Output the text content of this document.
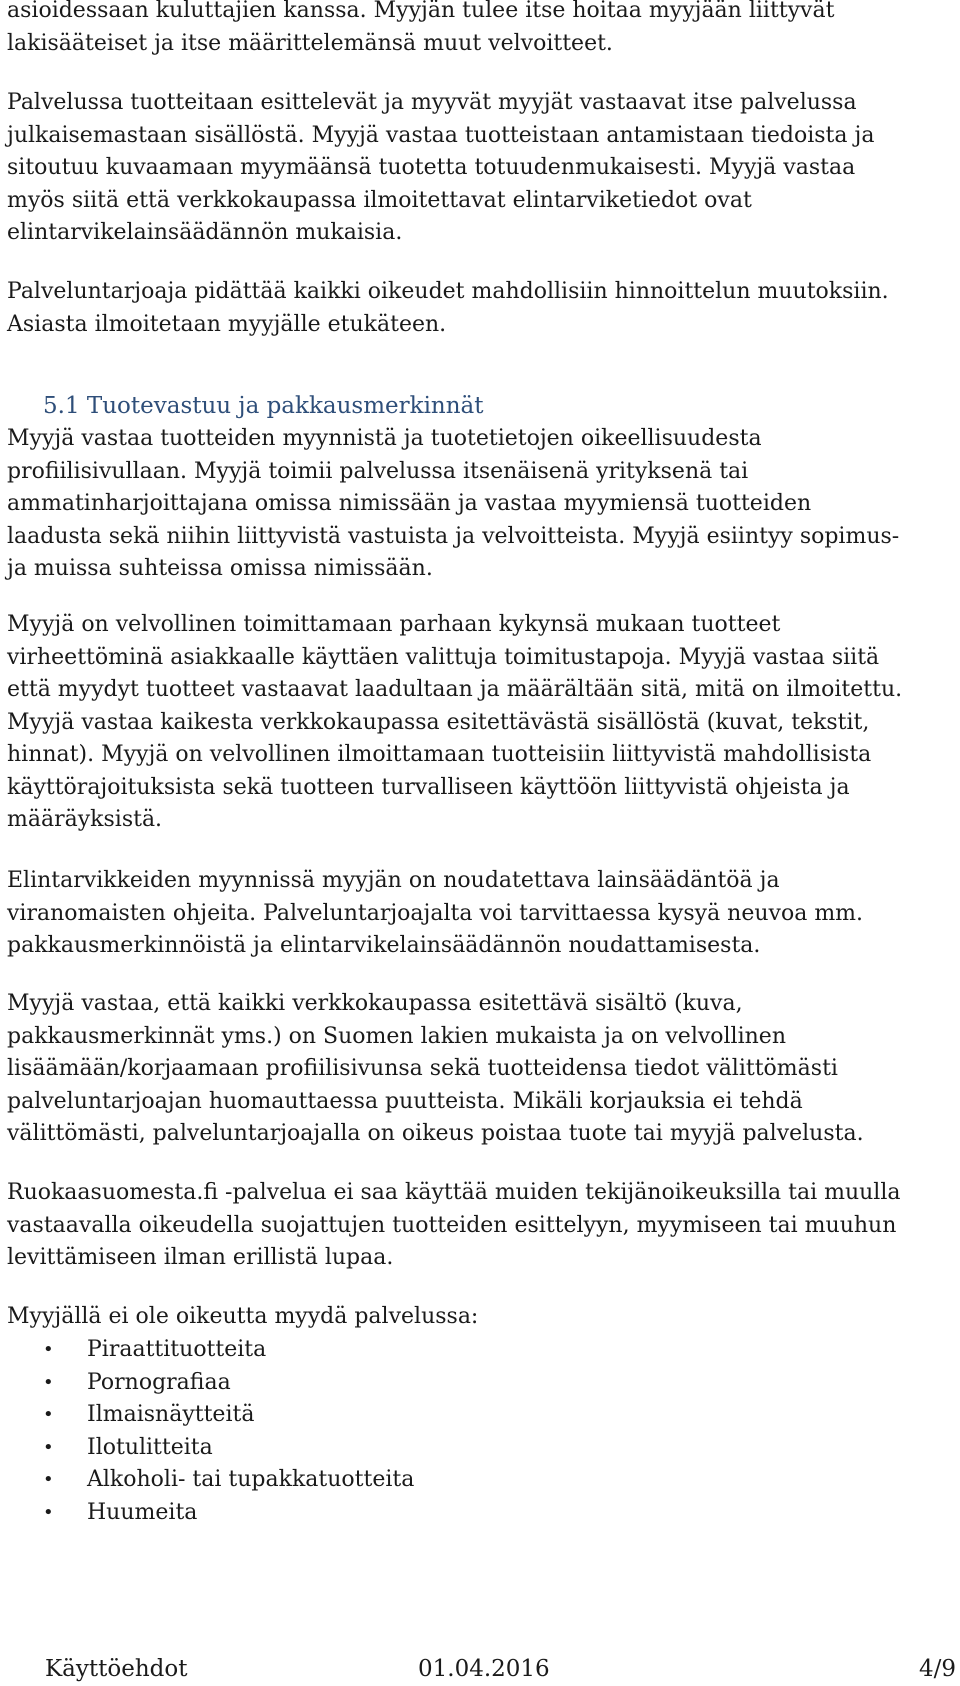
asioidessaan kuluttajien kanssa. Myyjän tulee itse hoitaa myyjään liittyvät
lakisääteiset ja itse määrittelemänsä muut velvoitteet.

Palvelussa tuotteitaan esittelevät ja myyvät myyjät vastaavat itse palvelussa
julkaisemastaan sisällöstä. Myyjä vastaa tuotteistaan antamistaan tiedoista ja
sitoutuu kuvaamaan myymäänsä tuotetta totuudenmukaisesti. Myyjä vastaa
myös siitä että verkkokaupassa ilmoitettavat elintarviketiedot ovat
elintarvikelainsäädännön mukaisia.

Palveluntarjoaja pidättää kaikki oikeudet mahdollisiin hinnoittelun muutoksiin.
Asiasta ilmoitetaan myyjälle etukäteen.

5.1 Tuotevastuu ja pakkausmerkinnät

Myyjä vastaa tuotteiden myynnistä ja tuotetietojen oikeellisuudesta
profiilisivullaan. Myyjä toimii palvelussa itsenäisenä yrityksenä tai
ammatinharjoittajana omissa nimissään ja vastaa myymiensä tuotteiden
laadusta sekä niihin liittyvistä vastuista ja velvoitteista. Myyjä esiintyy sopimus-
ja muissa suhteissa omissa nimissään.

Myyjä on velvollinen toimittamaan parhaan kykynsä mukaan tuotteet
virheettöminä asiakkaalle käyttäen valittuja toimitustapoja. Myyjä vastaa siitä
että myydyt tuotteet vastaavat laadultaan ja määrältään sitä, mitä on ilmoitettu.
Myyjä vastaa kaikesta verkkokaupassa esitettävästä sisällöstä (kuvat, tekstit,
hinnat). Myyjä on velvollinen ilmoittamaan tuotteisiin liittyvistä mahdollisista
käyttörajoituksista sekä tuotteen turvalliseen käyttöön liittyvistä ohjeista ja
määräyksistä.

Elintarvikkeiden myynnissä myyjän on noudatettava lainsäädäntöä ja
viranomaisten ohjeita. Palveluntarjoajalta voi tarvittaessa kysyä neuvoa mm.
pakkausmerkinnöistä ja elintarvikelainsäädännön noudattamisesta.

Myyjä vastaa, että kaikki verkkokaupassa esitettävä sisältö (kuva,
pakkausmerkinnät yms.) on Suomen lakien mukaista ja on velvollinen
lisäämään/korjaamaan profiilisivunsa sekä tuotteidensa tiedot välittömästi
palveluntarjoajan huomauttaessa puutteista. Mikäli korjauksia ei tehdä
välittömästi, palveluntarjoajalla on oikeus poistaa tuote tai myyjä palvelusta.

Ruokaasuomesta.fi -palvelua ei saa käyttää muiden tekijänoikeuksilla tai muulla
vastaavalla oikeudella suojattujen tuotteiden esittelyyn, myymiseen tai muuhun
levittämiseen ilman erillistä lupaa.

Myyjällä ei ole oikeutta myydä palvelussa:

• Piraattituotteita
• Pornografiaa
• Ilmaisnäytteitä
• Ilotulitteita
• Alkoholi- tai tupakkatuotteita
• Huumeita
Käyttöehdot	01.04.2016	4/9
